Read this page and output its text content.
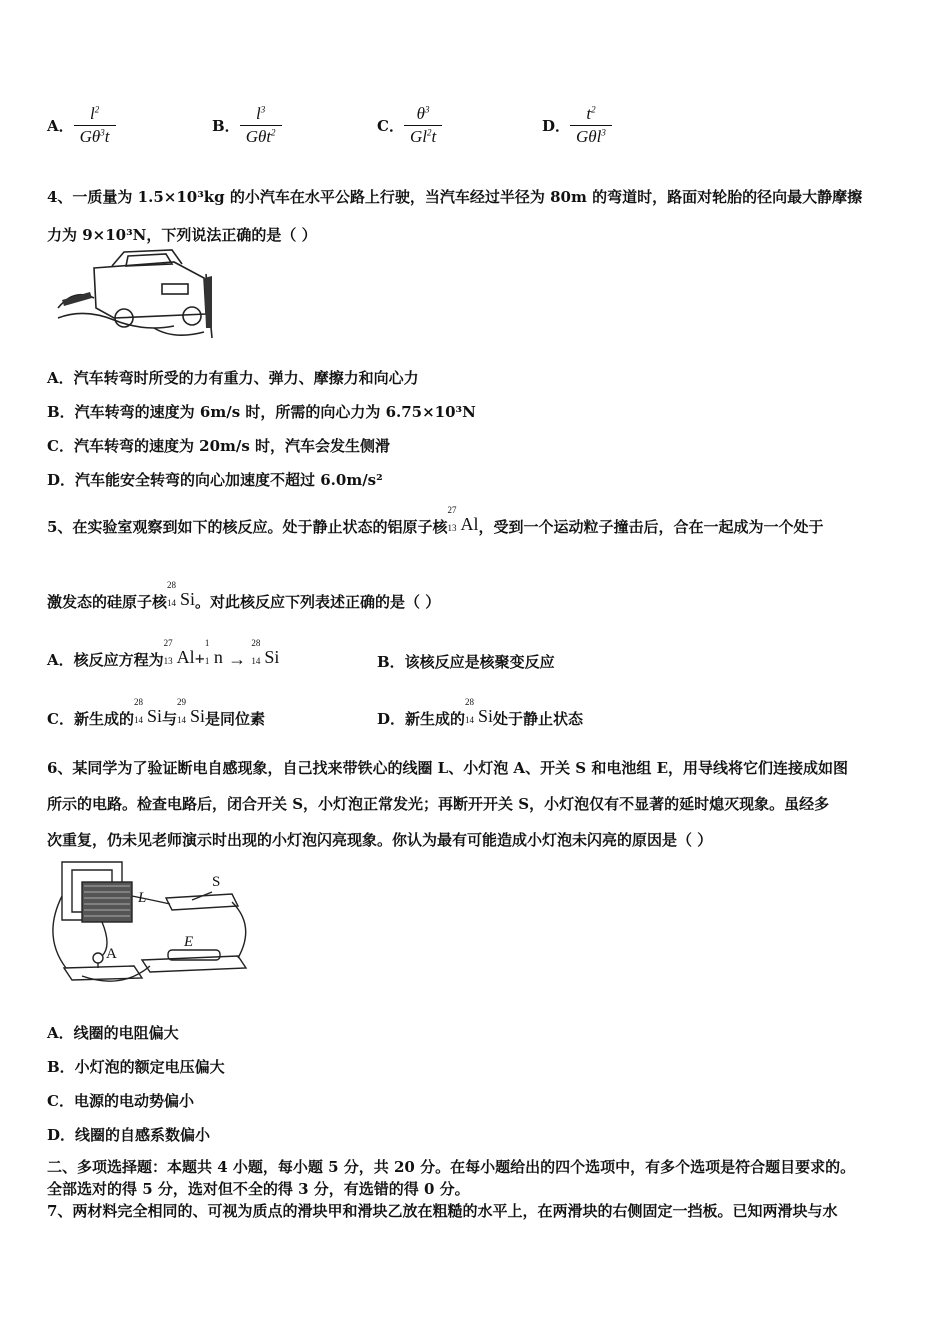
A． $\frac{l^2}{G\theta^3t}$	B． $\frac{l^3}{G\theta t^2}$	C． $\frac{\theta^3}{Gl^2t}$	D． $\frac{t^2}{G\theta l^3}$
4、一质量为 1.5×10³kg 的小汽车在水平公路上行驶，当汽车经过半径为 80m 的弯道时，路面对轮胎的径向最大静摩擦
力为 9×10³N，下列说法正确的是（ ）
A．汽车转弯时所受的力有重力、弹力、摩擦力和向心力
B．汽车转弯的速度为 6m/s 时，所需的向心力为 6.75×10³N
C．汽车转弯的速度为 20m/s 时，汽车会发生侧滑
D．汽车能安全转弯的向心加速度不超过 6.0m/s²
5、在实验室观察到如下的核反应。处于静止状态的铝原子核
27
13 Al，受到一个运动粒子撞击后，合在一起成为一个处于
激发态的硅原子核
28
14 Si。对此核反应下列表述正确的是（ ）
A．核反应方程为
27
13 Al+
1
1 n →
28
14 Si	B．该核反应是核聚变反应
C．新生成的
28
14 Si与
29
14 Si是同位素	D．新生成的
28
14 Si处于静止状态
6、某同学为了验证断电自感现象，自己找来带铁心的线圈 L、小灯泡 A、开关 S 和电池组 E，用导线将它们连接成如图
所示的电路。检查电路后，闭合开关 S，小灯泡正常发光；再断开开关 S，小灯泡仅有不显著的延时熄灭现象。虽经多
次重复，仍未见老师演示时出现的小灯泡闪亮现象。你认为最有可能造成小灯泡未闪亮的原因是（ ）
L
S
E
A
A．线圈的电阻偏大
B．小灯泡的额定电压偏大
C．电源的电动势偏小
D．线圈的自感系数偏小
二、多项选择题：本题共 4 小题，每小题 5 分，共 20 分。在每小题给出的四个选项中，有多个选项是符合题目要求的。
全部选对的得 5 分，选对但不全的得 3 分，有选错的得 0 分。
7、两材料完全相同的、可视为质点的滑块甲和滑块乙放在粗糙的水平上，在两滑块的右侧固定一挡板。已知两滑块与水
